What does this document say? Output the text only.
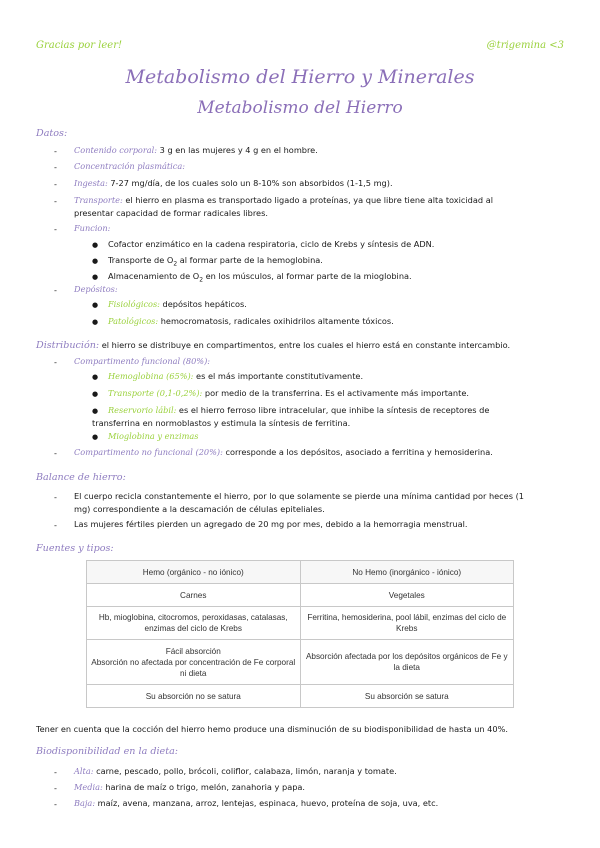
Gracias por leer!	@trigemina <3
Metabolismo del Hierro y Minerales
Metabolismo del Hierro
Datos:
- Contenido corporal: 3 g en las mujeres y 4 g en el hombre.
- Concentración plasmática:
- Ingesta: 7-27 mg/día, de los cuales solo un 8-10% son absorbidos (1-1,5 mg).
- Transporte: el hierro en plasma es transportado ligado a proteínas, ya que libre tiene alta toxicidad al
presentar capacidad de formar radicales libres.
- Funcion:
● Cofactor enzimático en la cadena respiratoria, ciclo de Krebs y síntesis de ADN.
● Transporte de $O_2$ al formar parte de la hemoglobina.
● Almacenamiento de $O_2$ en los músculos, al formar parte de la mioglobina.
- Depósitos:
● Fisiológicos: depósitos hepáticos.
● Patológicos: hemocromatosis, radicales oxihidrilos altamente tóxicos.
Distribución: el hierro se distribuye en compartimentos, entre los cuales el hierro está en constante intercambio.
- Compartimento funcional (80%):
● Hemoglobina (65%): es el más importante constitutivamente.
● Transporte (0,1-0,2%): por medio de la transferrina. Es el activamente más importante.
● Reservorio lábil: es el hierro ferroso libre intracelular, que inhibe la síntesis de receptores de
transferrina en normoblastos y estimula la síntesis de ferritina.
● Mioglobina y enzimas
- Compartimento no funcional (20%): corresponde a los depósitos, asociado a ferritina y hemosiderina.
Balance de hierro:
- El cuerpo recicla constantemente el hierro, por lo que solamente se pierde una mínima cantidad por heces (1
mg) correspondiente a la descamación de células epiteliales.
- Las mujeres fértiles pierden un agregado de 20 mg por mes, debido a la hemorragia menstrual.
Fuentes y tipos:
Hemo (orgánico - no iónico)	No Hemo (inorgánico - iónico)
Carnes	Vegetales
Hb, mioglobina, citocromos, peroxidasas, catalasas, enzimas del ciclo de Krebs	Ferritina, hemosiderina, pool lábil, enzimas del ciclo de Krebs

Fácil absorción
Absorción no afectada por concentración de Fe corporal ni dieta	Absorción afectada por los depósitos orgánicos de Fe y la dieta
Su absorción no se satura	Su absorción se satura
Tener en cuenta que la cocción del hierro hemo produce una disminución de su biodisponibilidad de hasta un 40%.
Biodisponibilidad en la dieta:
- Alta: carne, pescado, pollo, brócoli, coliflor, calabaza, limón, naranja y tomate.
- Media: harina de maíz o trigo, melón, zanahoria y papa.
- Baja: maíz, avena, manzana, arroz, lentejas, espinaca, huevo, proteína de soja, uva, etc.
